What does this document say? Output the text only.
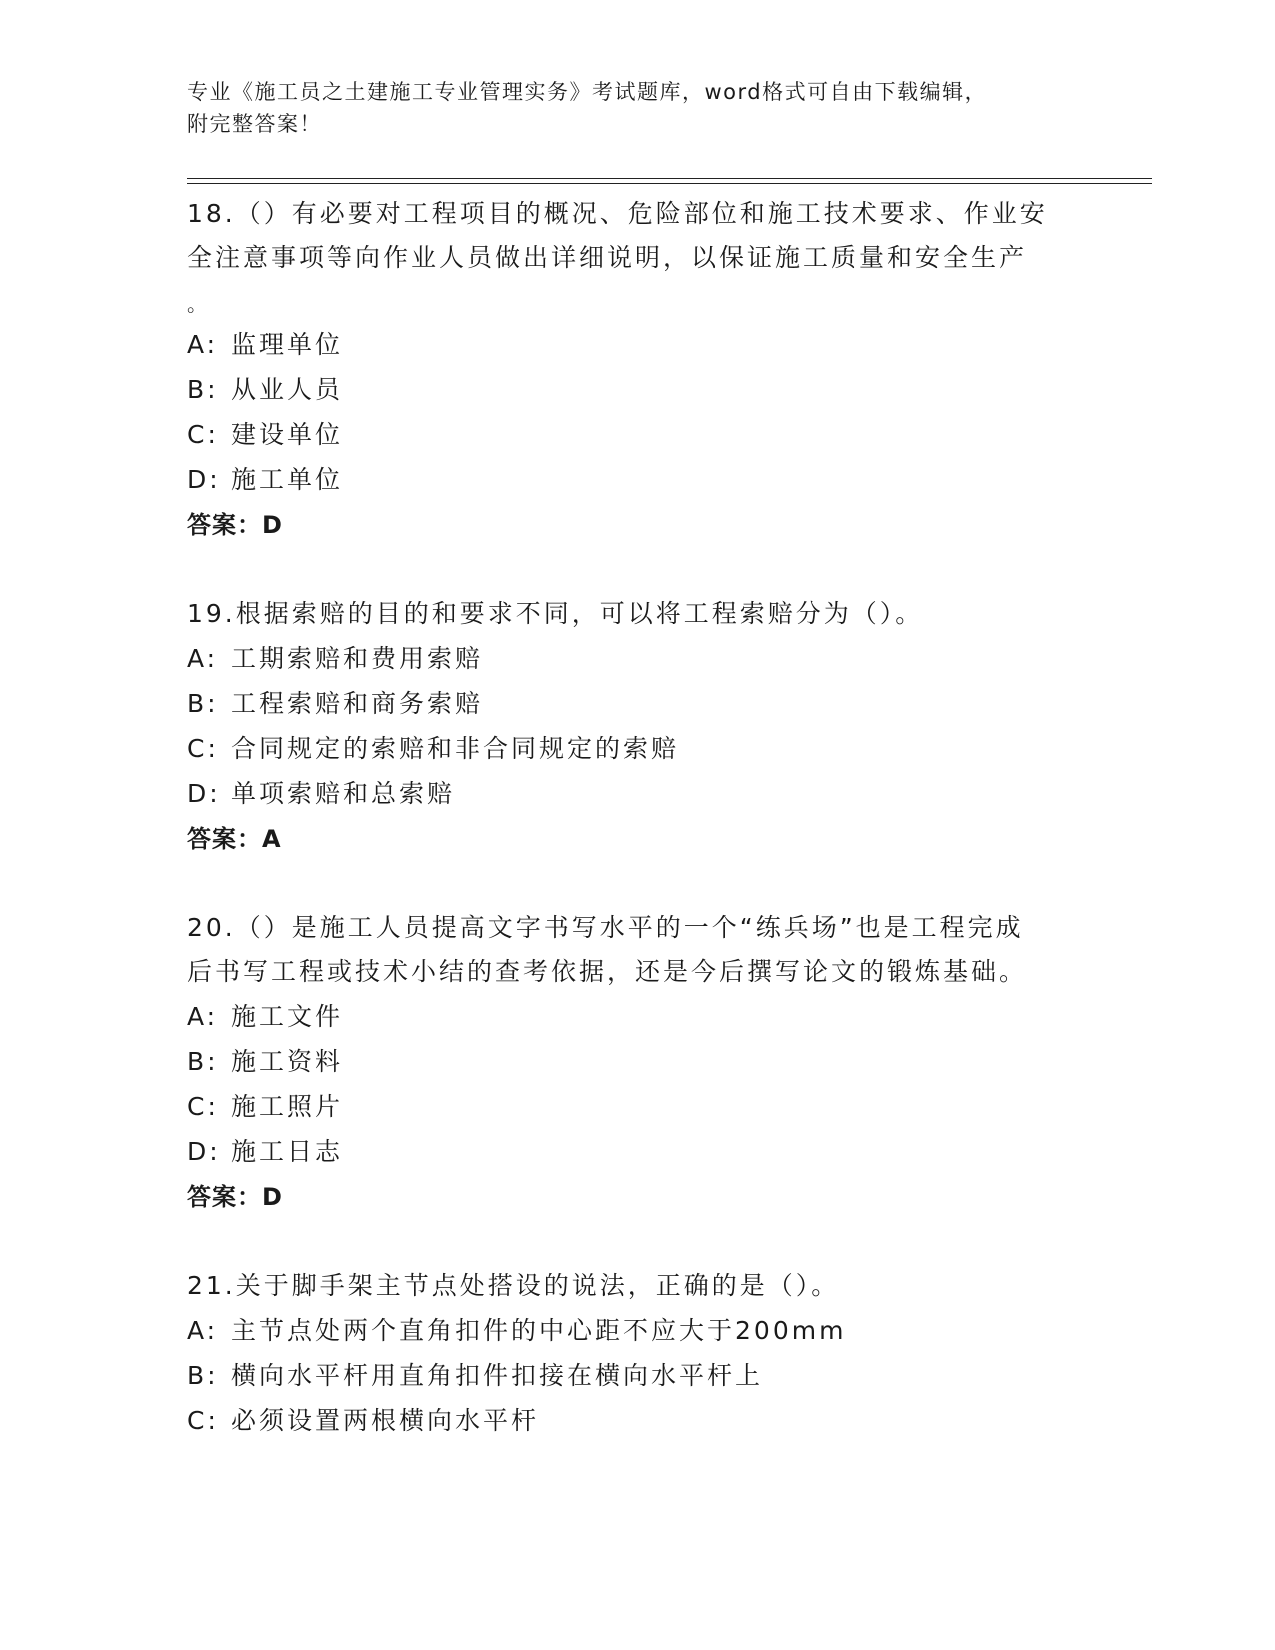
专业《施工员之土建施工专业管理实务》考试题库，word格式可自由下载编辑，
附完整答案！

18.（）有必要对工程项目的概况、危险部位和施工技术要求、作业安

全注意事项等向作业人员做出详细说明，以保证施工质量和安全生产

。

A: 监理单位

B: 从业人员

C: 建设单位

D: 施工单位

答案：D

19.根据索赔的目的和要求不同，可以将工程索赔分为（）。

A: 工期索赔和费用索赔

B: 工程索赔和商务索赔

C: 合同规定的索赔和非合同规定的索赔

D: 单项索赔和总索赔

答案：A

20.（）是施工人员提高文字书写水平的一个“练兵场”也是工程完成

后书写工程或技术小结的查考依据，还是今后撰写论文的锻炼基础。

A: 施工文件

B: 施工资料

C: 施工照片

D: 施工日志

答案：D

21.关于脚手架主节点处搭设的说法，正确的是（）。

A: 主节点处两个直角扣件的中心距不应大于200mm

B: 横向水平杆用直角扣件扣接在横向水平杆上

C: 必须设置两根横向水平杆
